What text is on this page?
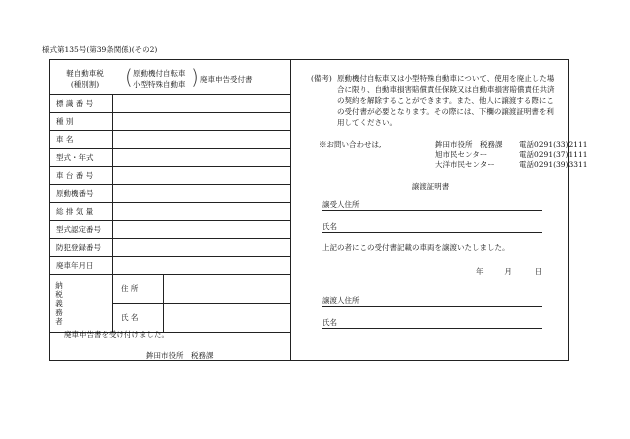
様式第135号(第39条関係)(その2)
軽自動車税
(種別割)	( 原動機付自転車
小型特殊自動車 ) 廃車申告受付書
標 識 番 号	
種 別	
車 名	
型式・年式	
車 台 番 号	
原動機番号	
総 排 気 量	
型式認定番号	
防犯登録番号	
廃車年月日	

納税義務者	住 所

	氏 名
廃車申告書を受け付けました。
鉾田市役所　税務課
(備考) 原動機付自転車又は小型特殊自動車について、使用を廃止した場合に限り、自動車損害賠償責任保険又は自動車損害賠償責任共済の契約を解除することができます。また、他人に譲渡する際にこの受付書が必要となります。その際には、下欄の譲渡証明書を利用してください。
※お問い合わせは,	鉾田市役所　税務課	電話0291(33)2111
旭市民センター	電話0291(37)1111
大洋市民センター	電話0291(39)3311
譲渡証明書
譲受人住所
氏名
上記の者にこの受付書記載の車両を譲渡いたしました。
年	月	日
譲渡人住所
氏名
